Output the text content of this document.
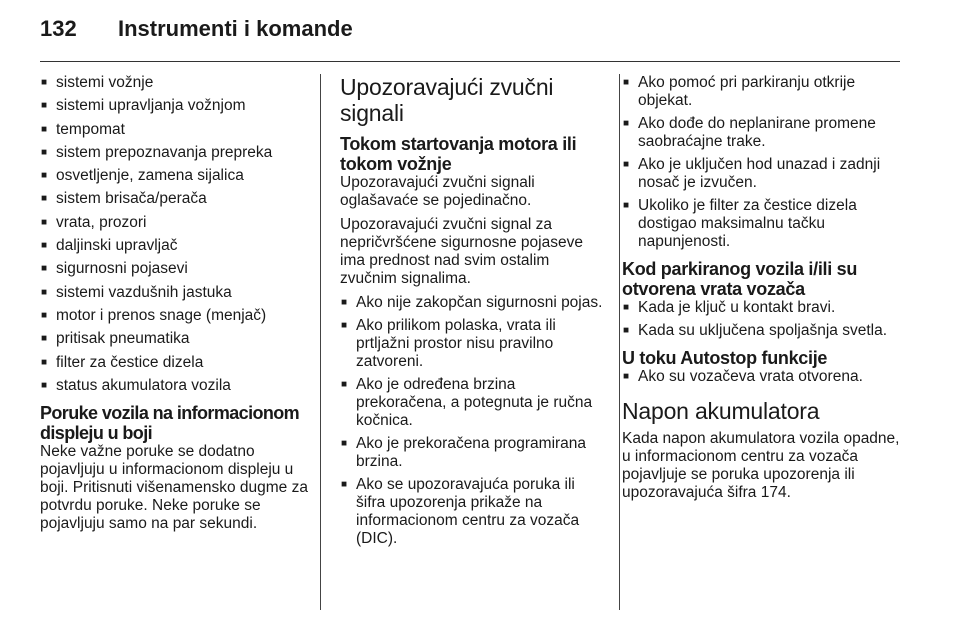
132 Instrumenti i komande
■ sistemi vožnje
■ sistemi upravljanja vožnjom
■ tempomat
■ sistem prepoznavanja prepreka
■ osvetljenje, zamena sijalica
■ sistem brisača/perača
■ vrata, prozori
■ daljinski upravljač
■ sigurnosni pojasevi
■ sistemi vazdušnih jastuka
■ motor i prenos snage (menjač)
■ pritisak pneumatika
■ filter za čestice dizela
■ status akumulatora vozila
Poruke vozila na informacionom displeju u boji

Neke važne poruke se dodatno pojavljuju u informacionom displeju u boji. Pritisnuti višenamensko dugme za potvrdu poruke. Neke poruke se pojavljuju samo na par sekundi.

Upozoravajući zvučni signali
Tokom startovanja motora ili tokom vožnje

Upozoravajući zvučni signali oglašavaće se pojedinačno.

Upozoravajući zvučni signal za nepričvršćene sigurnosne pojaseve ima prednost nad svim ostalim zvučnim signalima.

■ Ako nije zakopčan sigurnosni pojas.
■ Ako prilikom polaska, vrata ili prtljažni prostor nisu pravilno zatvoreni.
■ Ako je određena brzina prekoračena, a potegnuta je ručna kočnica.
■ Ako je prekoračena programirana brzina.
■ Ako se upozoravajuća poruka ili šifra upozorenja prikaže na informacionom centru za vozača (DIC).
■ Ako pomoć pri parkiranju otkrije objekat.
■ Ako dođe do neplanirane promene saobraćajne trake.
■ Ako je uključen hod unazad i zadnji nosač je izvučen.
■ Ukoliko je filter za čestice dizela dostigao maksimalnu tačku napunjenosti.
Kod parkiranog vozila i/ili su otvorena vrata vozača
■ Kada je ključ u kontakt bravi.
■ Kada su uključena spoljašnja svetla.
U toku Autostop funkcije
■ Ako su vozačeva vrata otvorena.
Napon akumulatora

Kada napon akumulatora vozila opadne, u informacionom centru za vozača pojavljuje se poruka upozorenja ili upozoravajuća šifra 174.
